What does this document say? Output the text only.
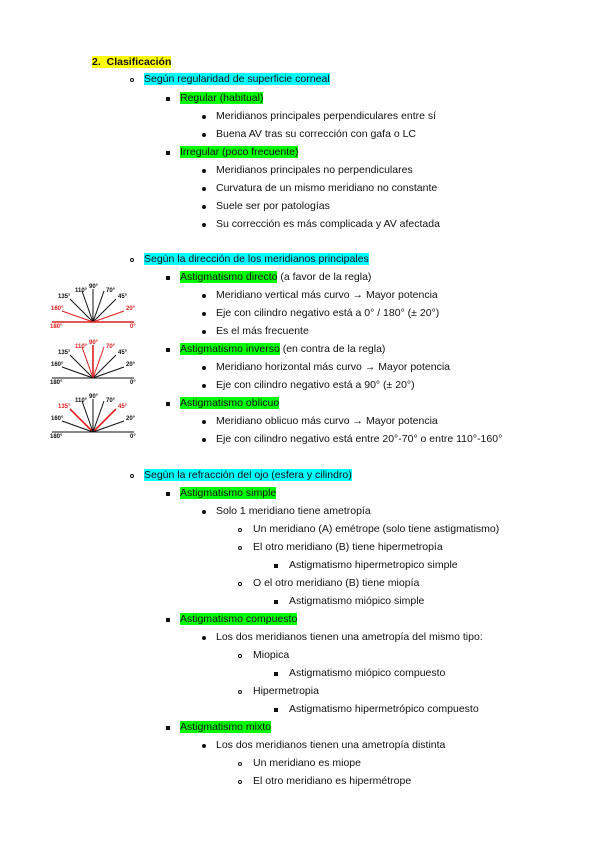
2. Clasificación
Según regularidad de superficie corneal
Regular (habitual)
Meridianos principales perpendiculares entre sí
Buena AV tras su corrección con gafa o LC
Irregular (poco frecuente)
Meridianos principales no perpendiculares
Curvatura de un mismo meridiano no constante
Suele ser por patologías
Su corrección es más complicada y AV afectada
Según la dirección de los meridianos principales
Astigmatismo directo (a favor de la regla)
Meridiano vertical más curvo → Mayor potencia
Eje con cilindro negativo está a 0° / 180° (± 20°)
Es el más frecuente
Astigmatismo inverso (en contra de la regla)
Meridiano horizontal más curvo → Mayor potencia
Eje con cilindro negativo está a 90° (± 20°)
Astigmatismo oblicuo
Meridiano oblicuo más curvo → Mayor potencia
Eje con cilindro negativo está entre 20°-70° o entre 110°-160°
90°
135°	45°
110°	70°
160°	20°
180°	0°
90°
135°	45°
110°	70°
160°	20°
180°	0°
90°
135°	45°
110°	70°
160°	20°
180°	0°
Según la refracción del ojo (esfera y cilindro)
Astigmatismo simple
Solo 1 meridiano tiene ametropía
Un meridiano (A) emétrope (solo tiene astigmatismo)
El otro meridiano (B) tiene hipermetropía
Astigmatismo hipermetropico simple
O el otro meridiano (B) tiene miopía
Astigmatismo miópico simple
Astigmatismo compuesto
Los dos meridianos tienen una ametropía del mismo tipo:
Miopica
Astigmatismo miópico compuesto
Hipermetropia
Astigmatismo hipermetrópico compuesto
Astigmatismo mixto
Los dos meridianos tienen una ametropía distinta
Un meridiano es miope
El otro meridiano es hipermétrope
